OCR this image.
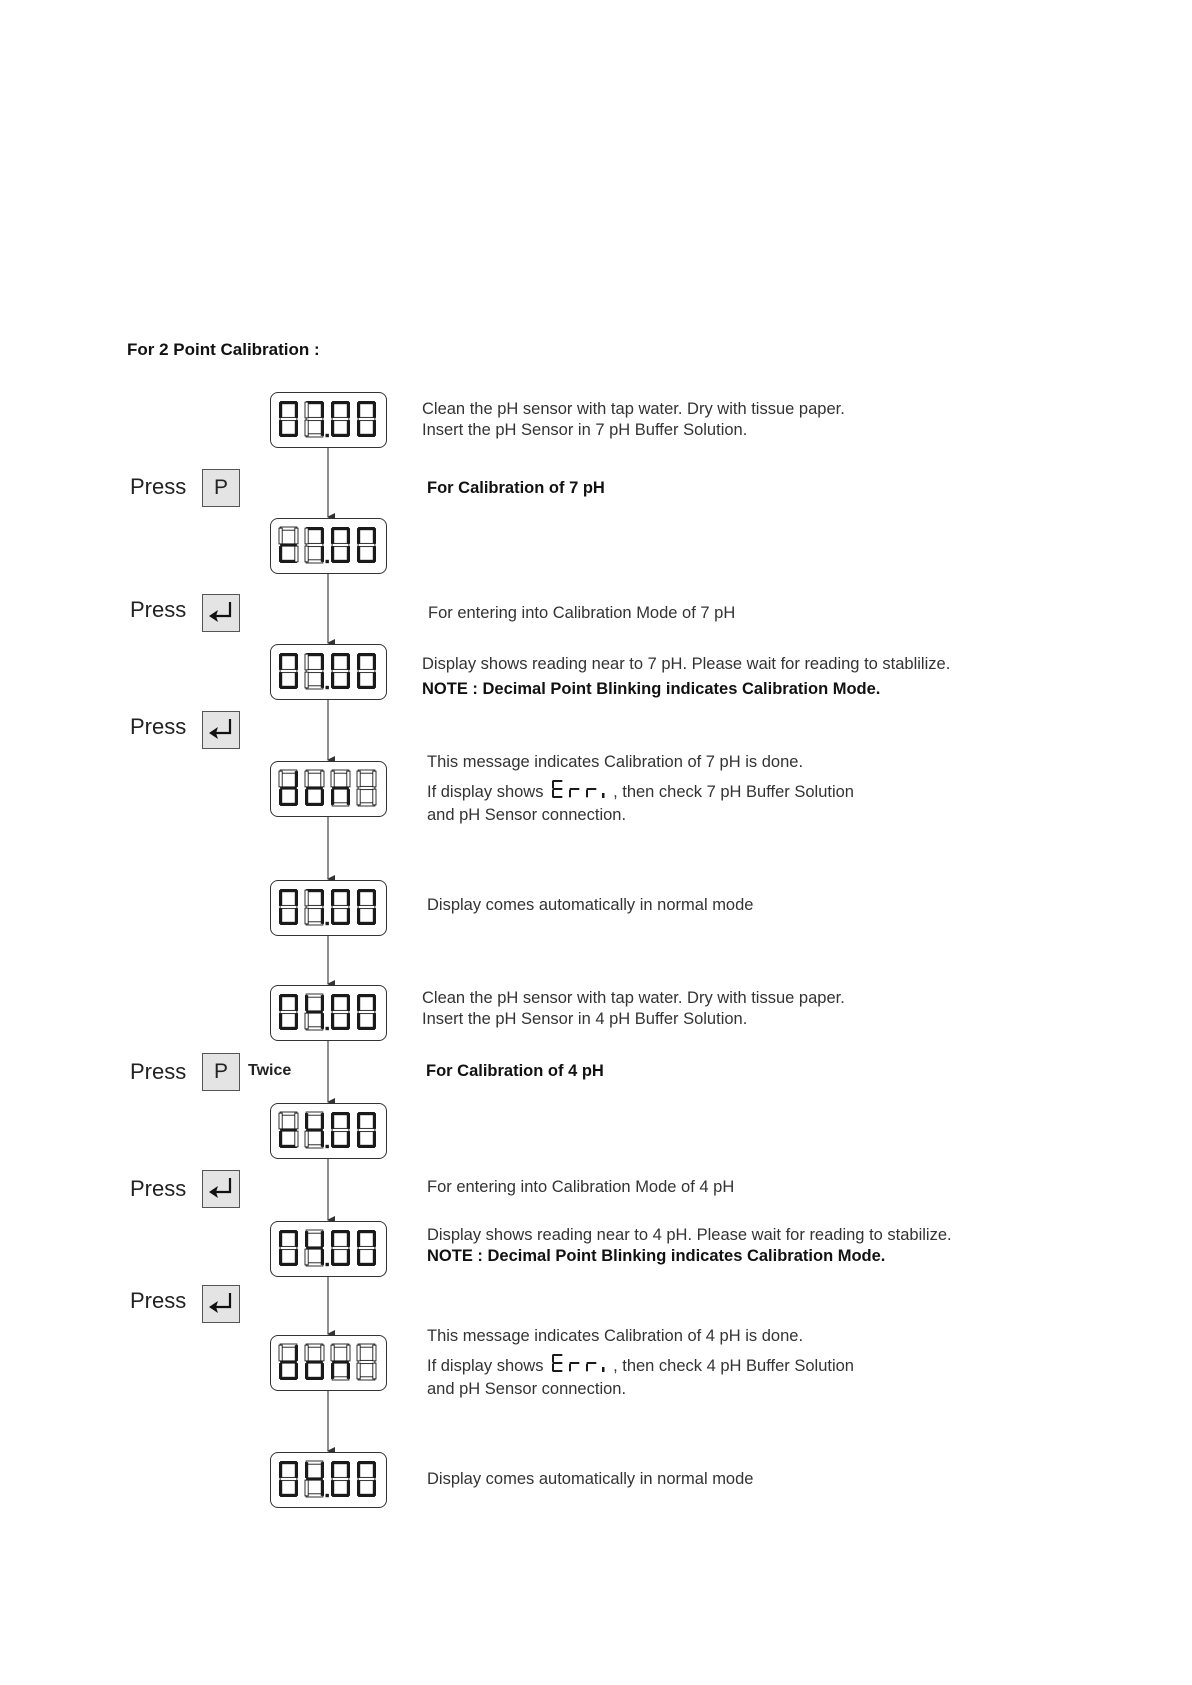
For 2 Point Calibration :
Press	P
Press
Press
Press	P	Twice
Press
Press
Clean the pH sensor with tap water. Dry with tissue paper.
Insert the pH Sensor in 7 pH Buffer Solution.
For Calibration of 7 pH
For entering into Calibration Mode of 7 pH
Display shows reading near to 7 pH. Please wait for reading to stablilize.
NOTE : Decimal Point Blinking indicates Calibration Mode.
This message indicates Calibration of 7 pH is done.
If display shows	, then check 7 pH Buffer Solution
and pH Sensor connection.
Display comes automatically in normal mode
Clean the pH sensor with tap water. Dry with tissue paper.
Insert the pH Sensor in 4 pH Buffer Solution.
For Calibration of 4 pH
For entering into Calibration Mode of 4 pH
Display shows reading near to 4 pH. Please wait for reading to stabilize.
NOTE : Decimal Point Blinking indicates Calibration Mode.
This message indicates Calibration of 4 pH is done.
If display shows	, then check 4 pH Buffer Solution
and pH Sensor connection.
Display comes automatically in normal mode
